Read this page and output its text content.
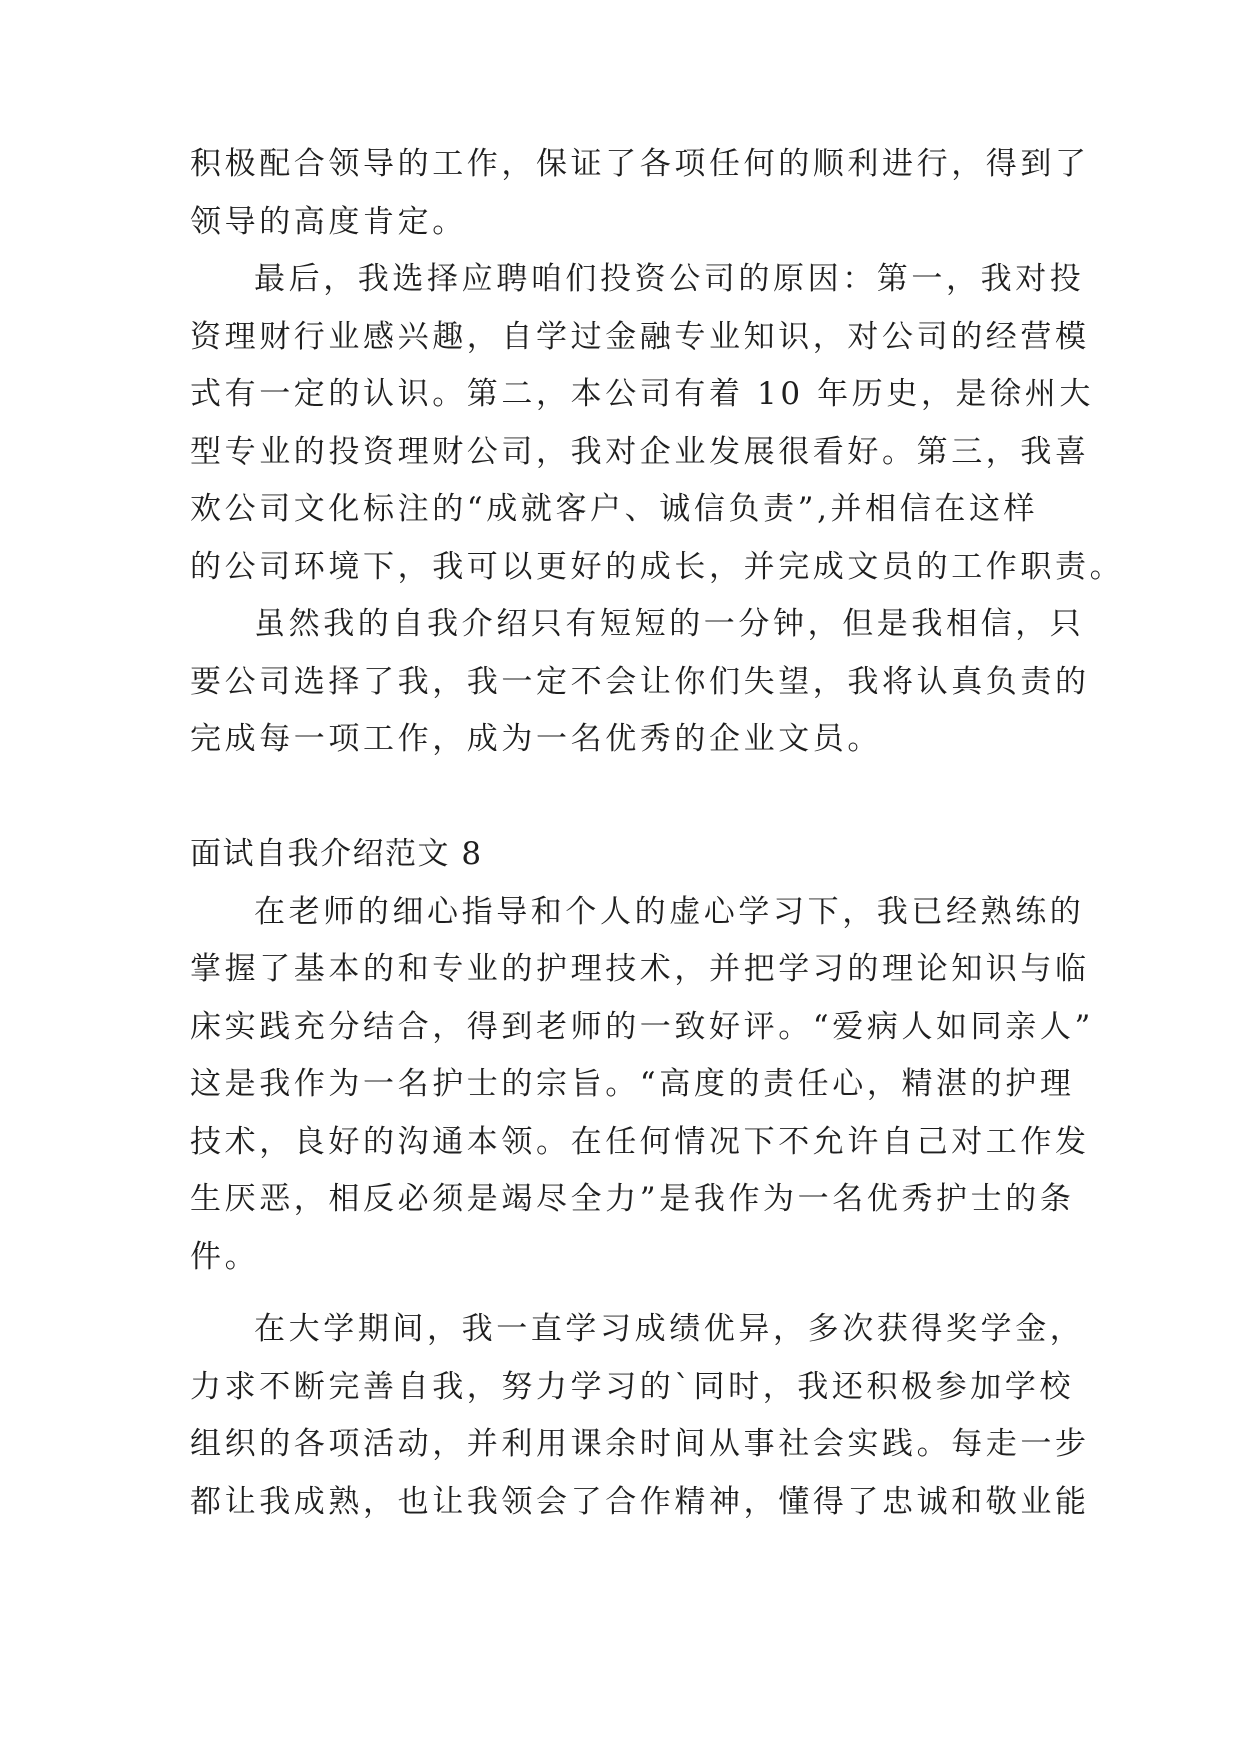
积极配合领导的工作，保证了各项任何的顺利进行，得到了
领导的高度肯定。
最后，我选择应聘咱们投资公司的原因：第一，我对投
资理财行业感兴趣，自学过金融专业知识，对公司的经营模
式有一定的认识。第二，本公司有着 10 年历史，是徐州大
型专业的投资理财公司，我对企业发展很看好。第三，我喜
欢公司文化标注的“成就客户、诚信负责”,并相信在这样
的公司环境下，我可以更好的成长，并完成文员的工作职责。
虽然我的自我介绍只有短短的一分钟，但是我相信，只
要公司选择了我，我一定不会让你们失望，我将认真负责的
完成每一项工作，成为一名优秀的企业文员。
面试自我介绍范文 8
在老师的细心指导和个人的虚心学习下，我已经熟练的
掌握了基本的和专业的护理技术，并把学习的理论知识与临
床实践充分结合，得到老师的一致好评。“爱病人如同亲人”
这是我作为一名护士的宗旨。“高度的责任心，精湛的护理
技术，良好的沟通本领。在任何情况下不允许自己对工作发
生厌恶，相反必须是竭尽全力”是我作为一名优秀护士的条
件。
在大学期间，我一直学习成绩优异，多次获得奖学金，
力求不断完善自我，努力学习的`同时，我还积极参加学校
组织的各项活动，并利用课余时间从事社会实践。每走一步
都让我成熟，也让我领会了合作精神，懂得了忠诚和敬业能
